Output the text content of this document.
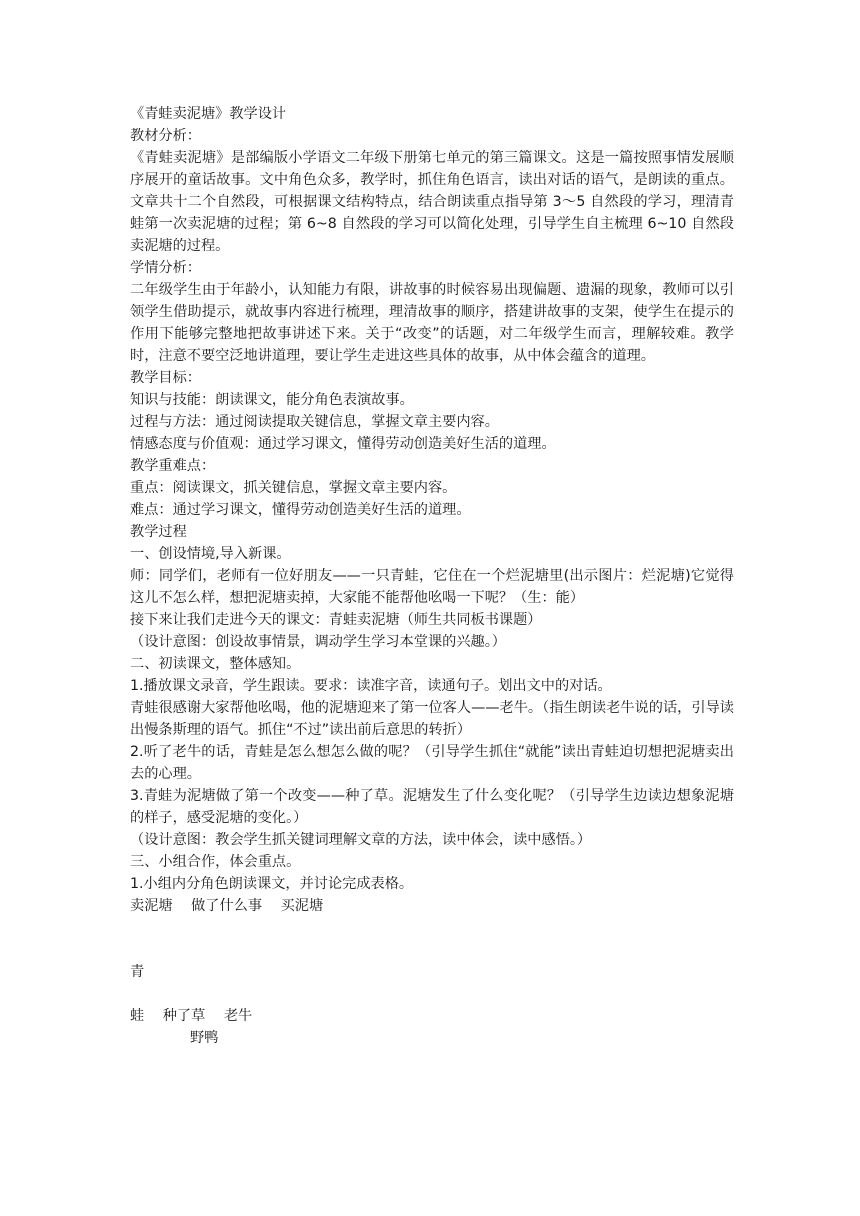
《青蛙卖泥塘》教学设计

教材分析：

《青蛙卖泥塘》是部编版小学语文二年级下册第七单元的第三篇课文。这是一篇按照事情发展顺序展开的童话故事。文中角色众多，教学时，抓住角色语言，读出对话的语气，是朗读的重点。文章共十二个自然段，可根据课文结构特点，结合朗读重点指导第 3～5 自然段的学习，理清青蛙第一次卖泥塘的过程；第 6~8 自然段的学习可以简化处理，引导学生自主梳理 6~10 自然段卖泥塘的过程。

学情分析：

二年级学生由于年龄小，认知能力有限，讲故事的时候容易出现偏题、遗漏的现象，教师可以引领学生借助提示，就故事内容进行梳理，理清故事的顺序，搭建讲故事的支架，使学生在提示的作用下能够完整地把故事讲述下来。关于“改变”的话题，对二年级学生而言，理解较难。教学时，注意不要空泛地讲道理，要让学生走进这些具体的故事，从中体会蕴含的道理。

教学目标：

知识与技能：朗读课文，能分角色表演故事。

过程与方法：通过阅读提取关键信息，掌握文章主要内容。

情感态度与价值观：通过学习课文，懂得劳动创造美好生活的道理。

教学重难点：

重点：阅读课文，抓关键信息，掌握文章主要内容。

难点：通过学习课文，懂得劳动创造美好生活的道理。

教学过程

一、创设情境,导入新课。

师：同学们，老师有一位好朋友——一只青蛙，它住在一个烂泥塘里(出示图片：烂泥塘)它觉得这儿不怎么样，想把泥塘卖掉，大家能不能帮他吆喝一下呢？（生：能）

接下来让我们走进今天的课文：青蛙卖泥塘（师生共同板书课题）

（设计意图：创设故事情景，调动学生学习本堂课的兴趣。）

二、初读课文，整体感知。

1.播放课文录音，学生跟读。要求：读准字音，读通句子。划出文中的对话。

青蛙很感谢大家帮他吆喝，他的泥塘迎来了第一位客人——老牛。（指生朗读老牛说的话，引导读出慢条斯理的语气。抓住“不过”读出前后意思的转折）

2.听了老牛的话，青蛙是怎么想怎么做的呢？（引导学生抓住“就能”读出青蛙迫切想把泥塘卖出去的心理。

3.青蛙为泥塘做了第一个改变——种了草。泥塘发生了什么变化呢？（引导学生边读边想象泥塘的样子，感受泥塘的变化。）

（设计意图：教会学生抓关键词理解文章的方法，读中体会，读中感悟。）

三、小组合作，体会重点。

1.小组内分角色朗读课文，并讨论完成表格。

卖泥塘 做了什么事 买泥塘
青
蛙 种了草 老牛
野鸭
